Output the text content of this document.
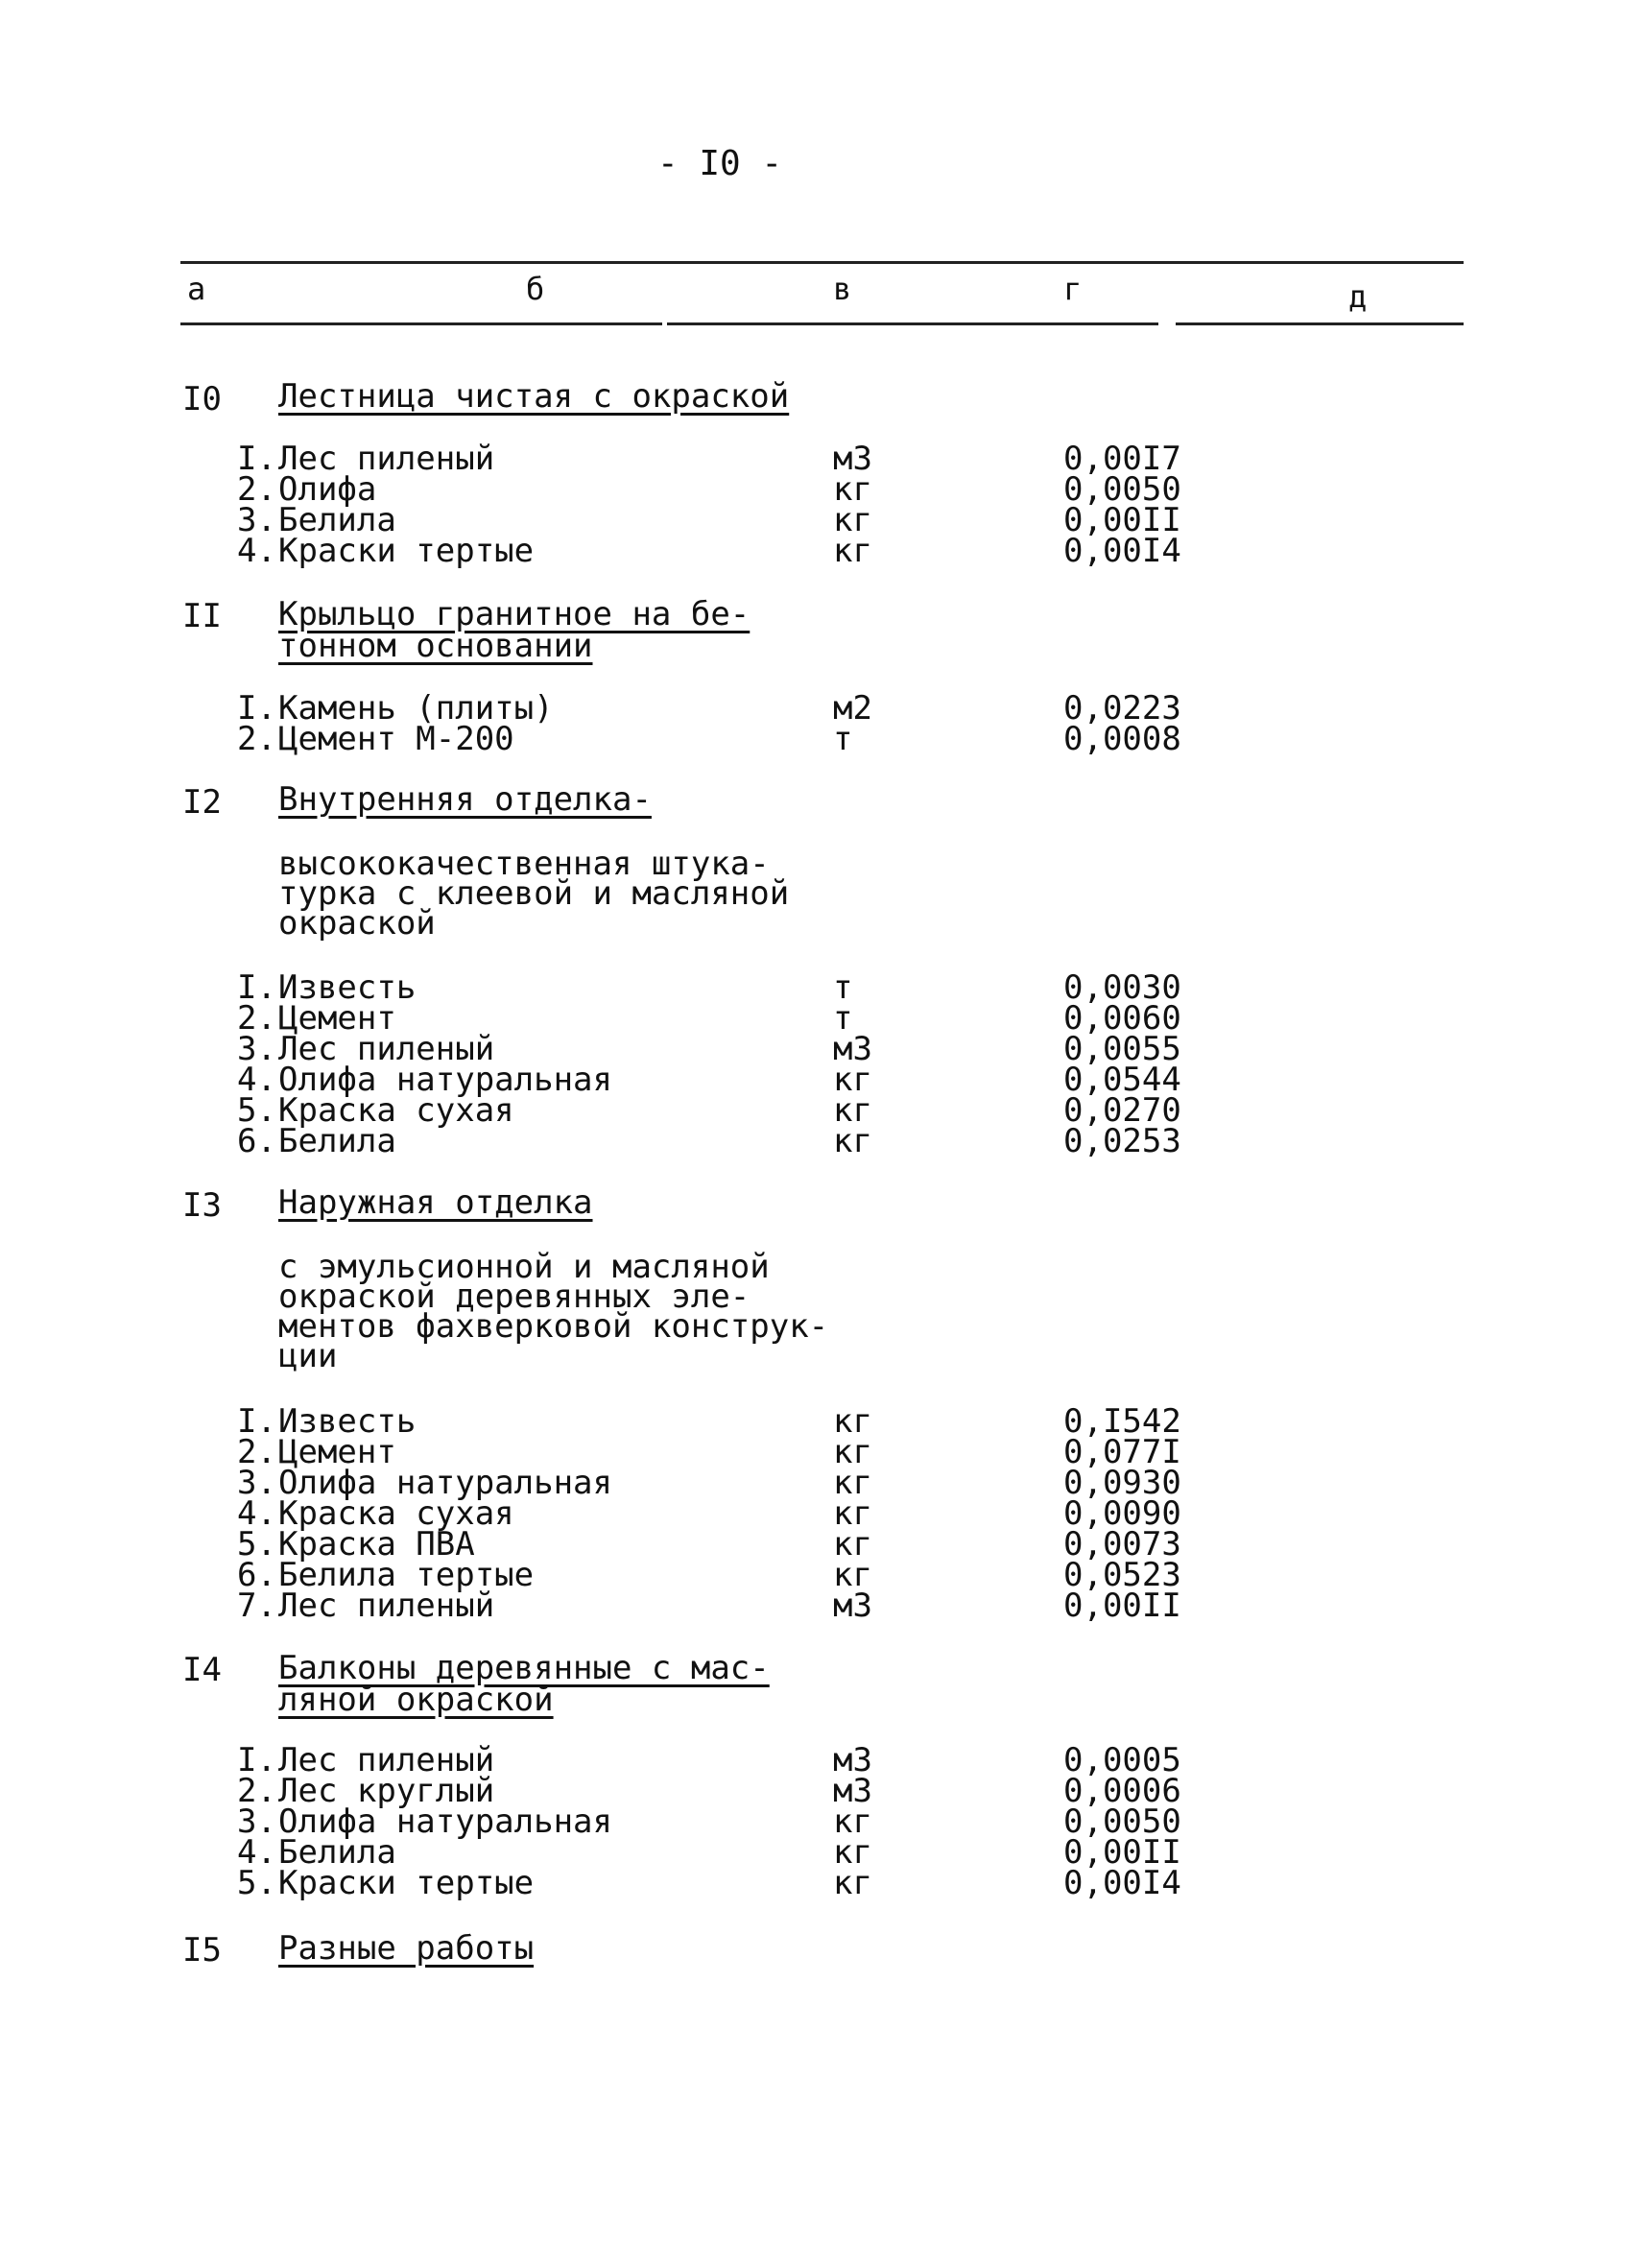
- I0 -
а	б	в	г	д
I0 Лестница чистая с окраской
I. Лес пиленый	м3	0,00I7
2. Олифа	кг	0,0050
3. Белила	кг	0,00II
4. Краски тертые	кг	0,00I4
II Крыльцо гранитное на бе-
тонном основании
I. Камень (плиты)	м2	0,0223
2. Цемент М-200	т	0,0008
I2 Внутренняя отделка-
высококачественная штука-
турка с клеевой и масляной
окраской
I. Известь	т	0,0030
2. Цемент	т	0,0060
3. Лес пиленый	м3	0,0055
4. Олифа натуральная	кг	0,0544
5. Краска сухая	кг	0,0270
6. Белила	кг	0,0253
I3 Наружная отделка
с эмульсионной и масляной
окраской деревянных эле-
ментов фахверковой конструк-
ции
I. Известь	кг	0,I542
2. Цемент	кг	0,077I
3. Олифа натуральная	кг	0,0930
4. Краска сухая	кг	0,0090
5. Краска ПВА	кг	0,0073
6. Белила тертые	кг	0,0523
7. Лес пиленый	м3	0,00II
I4 Балконы деревянные с мас-
ляной окраской
I. Лес пиленый	м3	0,0005
2. Лес круглый	м3	0,0006
3. Олифа натуральная	кг	0,0050
4. Белила	кг	0,00II
5. Краски тертые	кг	0,00I4
I5 Разные работы
